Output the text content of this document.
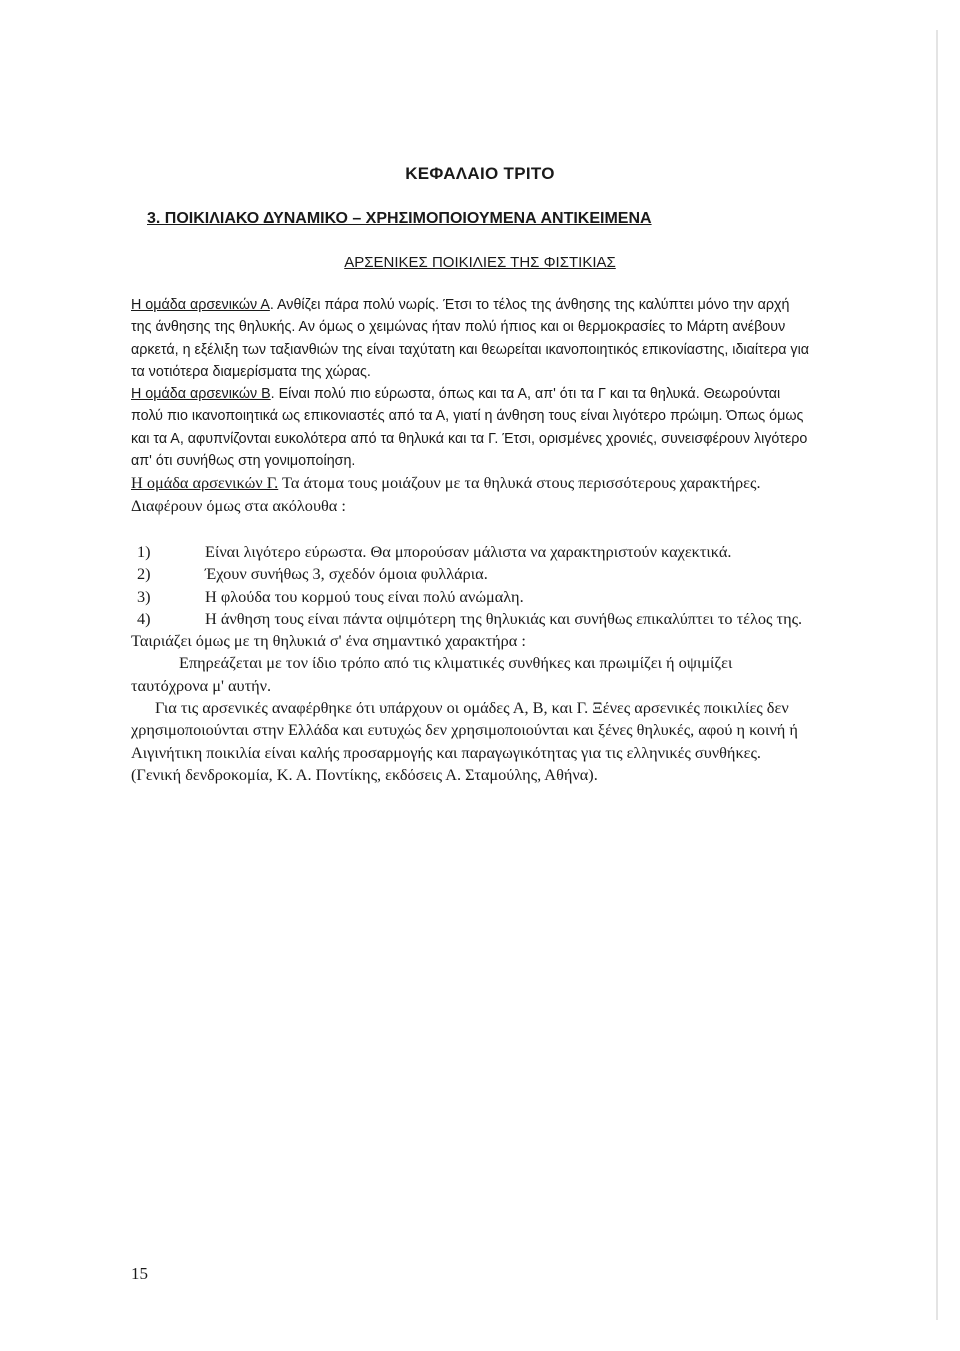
ΚΕΦΑΛΑΙΟ ΤΡΙΤΟ
3. ΠΟΙΚΙΛΙΑΚΟ ΔΥΝΑΜΙΚΟ – ΧΡΗΣΙΜΟΠΟΙΟΥΜΕΝΑ ΑΝΤΙΚΕΙΜΕΝΑ
ΑΡΣΕΝΙΚΕΣ ΠΟΙΚΙΛΙΕΣ ΤΗΣ ΦΙΣΤΙΚΙΑΣ

Η ομάδα αρσενικών Α. Ανθίζει πάρα πολύ νωρίς. Έτσι το τέλος της άνθησης της καλύπτει μόνο την αρχή της άνθησης της θηλυκής. Αν όμως ο χειμώνας ήταν πολύ ήπιος και οι θερμοκρασίες το Μάρτη ανέβουν αρκετά, η εξέλιξη των ταξιανθιών της είναι ταχύτατη και θεωρείται ικανοποιητικός επικονίαστης, ιδιαίτερα για τα νοτιότερα διαμερίσματα της χώρας.

Η ομάδα αρσενικών Β. Είναι πολύ πιο εύρωστα, όπως και τα Α, απ' ότι τα Γ και τα θηλυκά. Θεωρούνται πολύ πιο ικανοποιητικά ως επικονιαστές από τα Α, γιατί η άνθηση τους είναι λιγότερο πρώιμη. Όπως όμως και τα Α, αφυπνίζονται ευκολότερα από τα θηλυκά και τα Γ. Έτσι, ορισμένες χρονιές, συνεισφέρουν λιγότερο απ' ότι συνήθως στη γονιμοποίηση.

Η ομάδα αρσενικών Γ. Τα άτομα τους μοιάζουν με τα θηλυκά στους περισσότερους χαρακτήρες. Διαφέρουν όμως στα ακόλουθα :

1)	Είναι λιγότερο εύρωστα. Θα μπορούσαν μάλιστα να χαρακτηριστούν καχεκτικά.
2)	Έχουν συνήθως 3, σχεδόν όμοια φυλλάρια.
3)	Η φλούδα του κορμού τους είναι πολύ ανώμαλη.
4)	Η άνθηση τους είναι πάντα οψιμότερη της θηλυκιάς και συνήθως επικαλύπτει το τέλος της.

Ταιριάζει όμως με τη θηλυκιά σ' ένα σημαντικό χαρακτήρα :

Επηρεάζεται με τον ίδιο τρόπο από τις κλιματικές συνθήκες και πρωιμίζει ή οψιμίζει ταυτόχρονα μ' αυτήν.

Για τις αρσενικές αναφέρθηκε ότι υπάρχουν οι ομάδες Α, Β, και Γ. Ξένες αρσενικές ποικιλίες δεν χρησιμοποιούνται στην Ελλάδα και ευτυχώς δεν χρησιμοποιούνται και ξένες θηλυκές, αφού η κοινή ή Αιγινήτικη ποικιλία είναι καλής προσαρμογής και παραγωγικότητας για τις ελληνικές συνθήκες.(Γενική δενδροκομία, Κ. Α. Ποντίκης, εκδόσεις Α. Σταμούλης, Αθήνα).

15
